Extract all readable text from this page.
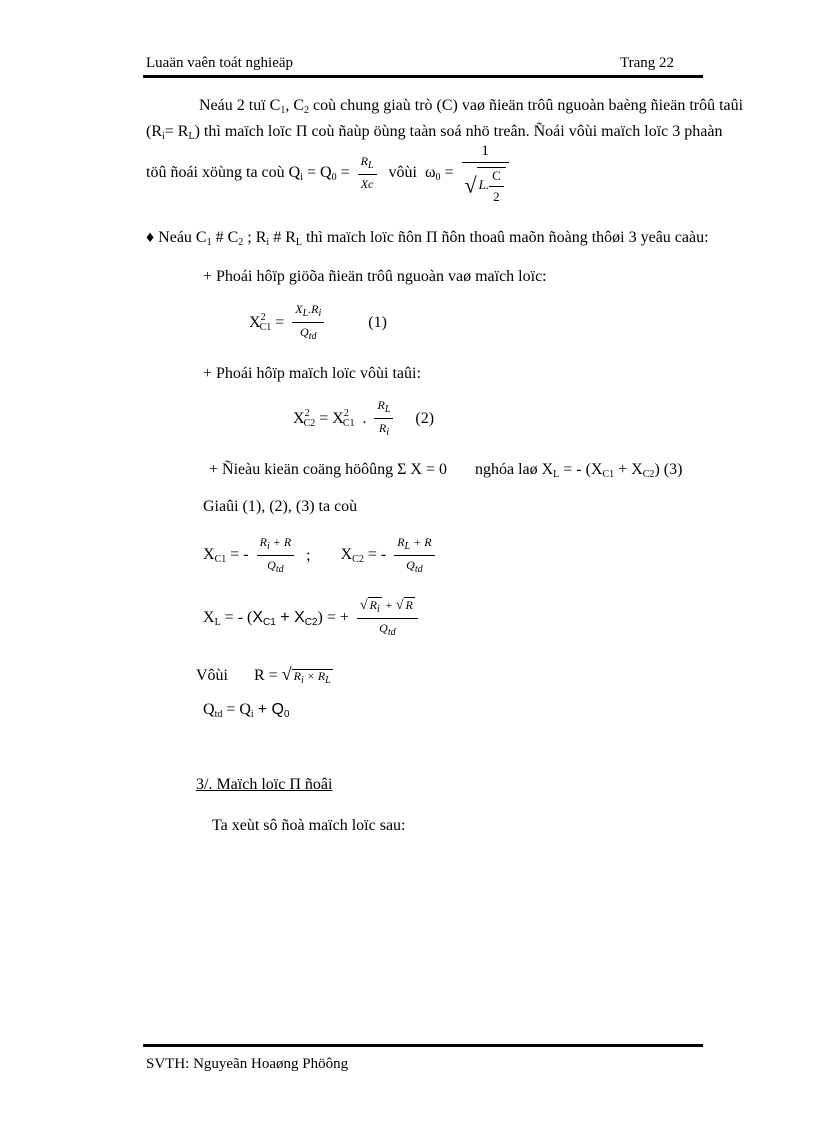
Luaän vaên toát nghieäp	Trang 22
Neáu 2 tuï $C_1$, $C_2$ coù chung giaù trò (C) vaø ñieän trôû nguoàn baèng ñieän trôû taûi
$(R_i= R_L)$ thì maïch loïc Π coù ñaùp öùng taàn soá nhö treân. Ñoái vôùi maïch loïc 3 phaàn
töû ñoái xöùng ta coù $Q_i = Q_0 = \frac{R_L}{Xc}$ vôùi  $\omega_0 = \frac{1}{√ L. \frac{C}{2}}$
♦ Neáu $C_1$ # $C_2$ ; $R_i$ # $R_L$ thì maïch loïc ñôn Π ñôn thoaû maõn ñoàng thôøi 3 yeâu caàu:
+ Phoái hôïp giöõa ñieän trôû nguoàn vaø maïch loïc:
$X^2_{C1} = \frac{X_L.R_i}{Q_{td}}$	(1)
+ Phoái hôïp maïch loïc vôùi taûi:
$X^2_{C2} = X^2_{C1}$  . $\frac{R_L}{R_i} (2)$
+ Ñieàu kieän coäng höôûng Σ X = 0 nghóa laø $X_L$ = - $(X_{C1} + X_{C2})$ (3)
Giaûi (1), (2), (3) ta coù
$X_{C1}$ = - $\frac{R_i + R}{Q_{td}}$ ; $X_{C2}$ = - $\frac{R_L + R}{Q_{td}}$
$X_L$ = - $(X_{C1} + X_{C2})$ = + $\frac{√ R_i + √ R}{Q_{td}}$
Vôùi R = √ $R_i \times R_L$
$Q_{td} = Q_i + Q_0$
3/. Maïch loïc Π ñoâi
Ta xeùt sô ñoà maïch loïc sau:
SVTH: Nguyeãn Hoaøng Phöông
